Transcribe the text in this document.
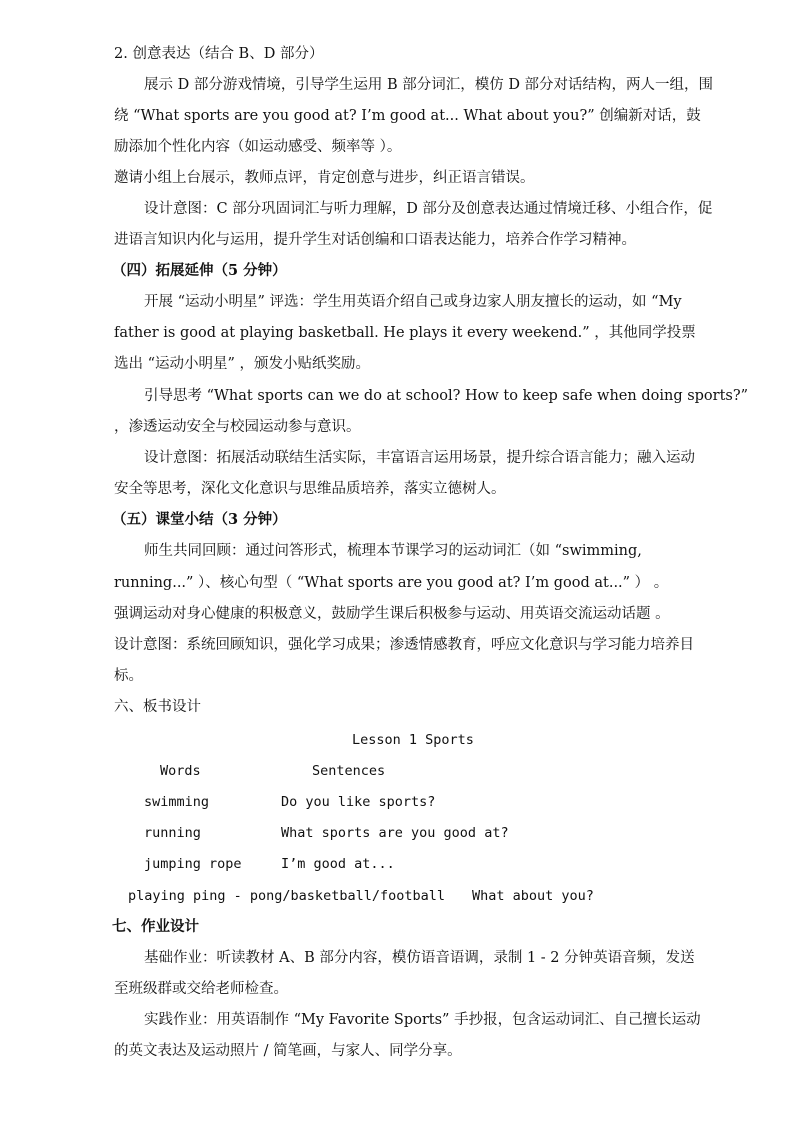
2. 创意表达（结合 B、D 部分）
展示 D 部分游戏情境，引导学生运用 B 部分词汇，模仿 D 部分对话结构，两人一组，围
绕 “What sports are you good at? I’m good at... What about you?” 创编新对话，鼓
励添加个性化内容（如运动感受、频率等 ）。
邀请小组上台展示，教师点评，肯定创意与进步，纠正语言错误。
设计意图：C 部分巩固词汇与听力理解，D 部分及创意表达通过情境迁移、小组合作，促
进语言知识内化与运用，提升学生对话创编和口语表达能力，培养合作学习精神。
（四）拓展延伸（5 分钟）
开展 “运动小明星” 评选：学生用英语介绍自己或身边家人朋友擅长的运动，如 “My
father is good at playing basketball. He plays it every weekend.” ，其他同学投票
选出 “运动小明星” ，颁发小贴纸奖励。
引导思考 “What sports can we do at school? How to keep safe when doing sports?”
，渗透运动安全与校园运动参与意识。
设计意图：拓展活动联结生活实际，丰富语言运用场景，提升综合语言能力；融入运动
安全等思考，深化文化意识与思维品质培养，落实立德树人。
（五）课堂小结（3 分钟）
师生共同回顾：通过问答形式，梳理本节课学习的运动词汇（如 “swimming,
running...” ）、核心句型（ “What sports are you good at? I’m good at...” ） 。
强调运动对身心健康的积极意义，鼓励学生课后积极参与运动、用英语交流运动话题 。
设计意图：系统回顾知识，强化学习成果；渗透情感教育，呼应文化意识与学习能力培养目
标。
六、板书设计
Lesson 1 Sports
Words	Sentences
swimming	Do you like sports?
running	What sports are you good at?
jumping rope	I’m good at...
playing ping - pong/basketball/football What about you?
七、作业设计
基础作业：听读教材 A、B 部分内容，模仿语音语调，录制 1 - 2 分钟英语音频，发送
至班级群或交给老师检查。
实践作业：用英语制作 “My Favorite Sports” 手抄报，包含运动词汇、自己擅长运动
的英文表达及运动照片 / 简笔画，与家人、同学分享。
